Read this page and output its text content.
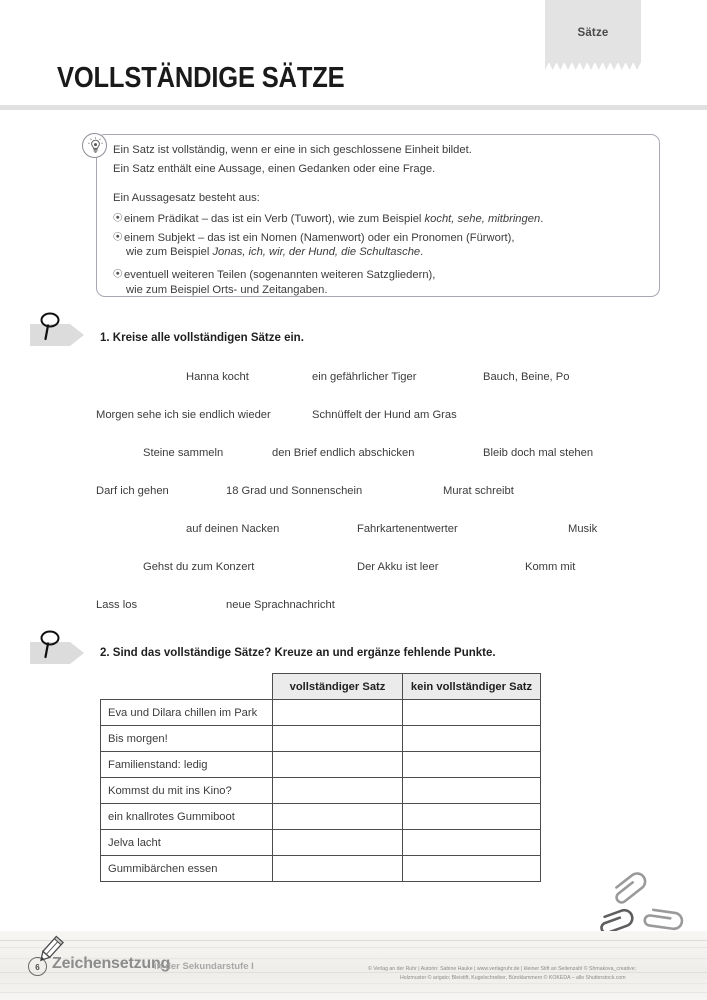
Sätze
VOLLSTÄNDIGE SÄTZE
Ein Satz ist vollständig, wenn er eine in sich geschlossene Einheit bildet.
Ein Satz enthält eine Aussage, einen Gedanken oder eine Frage.
Ein Aussagesatz besteht aus:
⦿einem Prädikat – das ist ein Verb (Tuwort), wie zum Beispiel kocht, sehe, mitbringen.
⦿einem Subjekt – das ist ein Nomen (Namenwort) oder ein Pronomen (Fürwort),
wie zum Beispiel Jonas, ich, wir, der Hund, die Schultasche.
⦿eventuell weiteren Teilen (sogenannten weiteren Satzgliedern),
wie zum Beispiel Orts- und Zeitangaben.
1. Kreise alle vollständigen Sätze ein.
Hanna kocht	ein gefährlicher Tiger	Bauch, Beine, Po
Morgen sehe ich sie endlich wieder	Schnüffelt der Hund am Gras
Steine sammeln	den Brief endlich abschicken	Bleib doch mal stehen
Darf ich gehen	18 Grad und Sonnenschein	Murat schreibt
auf deinen Nacken	Fahrkartenentwerter	Musik
Gehst du zum Konzert	Der Akku ist leer	Komm mit
Lass los	neue Sprachnachricht
2. Sind das vollständige Sätze? Kreuze an und ergänze fehlende Punkte.
	vollständiger Satz	kein vollständiger Satz
Eva und Dilara chillen im Park		
Bis morgen!		
Familienstand: ledig		
Kommst du mit ins Kino?		
ein knallrotes Gummiboot		
Jelva lacht		
Gummibärchen essen		
6 Zeichensetzung
in der Sekundarstufe I	© Verlag an der Ruhr | Autorin: Sabine Hauke | www.verlagruhr.de | kleiner Stift an Seitenzahl © Shmakova_creative;
Holzmuster © arigato; Bleistift, Kugelschreiber, Büroklammern © KOKEDA – alle Shutterstock.com
